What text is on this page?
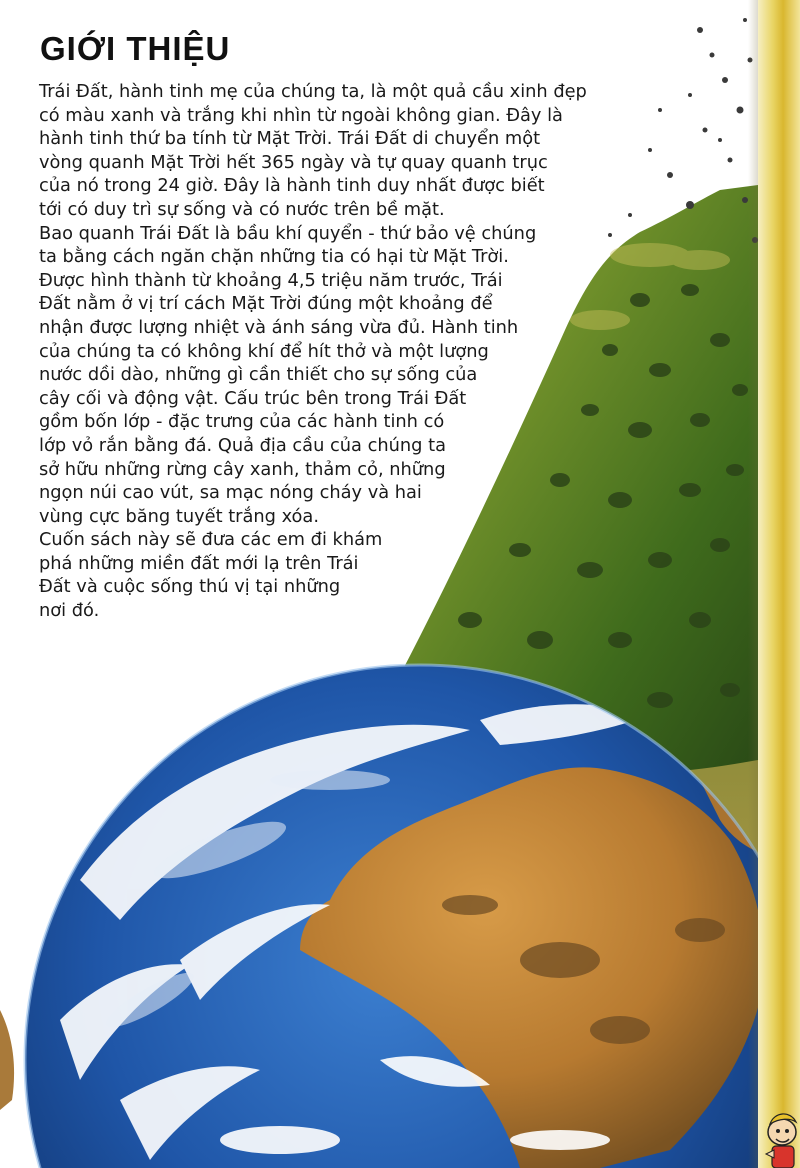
GIỚI THIỆU
Trái Đất, hành tinh mẹ của chúng ta, là một quả cầu xinh đẹp
có màu xanh và trắng khi nhìn từ ngoài không gian. Đây là
hành tinh thứ ba tính từ Mặt Trời. Trái Đất di chuyển một
vòng quanh Mặt Trời hết 365 ngày và tự quay quanh trục
của nó trong 24 giờ. Đây là hành tinh duy nhất được biết
tới có duy trì sự sống và có nước trên bề mặt.
Bao quanh Trái Đất là bầu khí quyển - thứ bảo vệ chúng
ta bằng cách ngăn chặn những tia có hại từ Mặt Trời.
Được hình thành từ khoảng 4,5 triệu năm trước, Trái
Đất nằm ở vị trí cách Mặt Trời đúng một khoảng để
nhận được lượng nhiệt và ánh sáng vừa đủ. Hành tinh
của chúng ta có không khí để hít thở và một lượng
nước dồi dào, những gì cần thiết cho sự sống của
cây cối và động vật. Cấu trúc bên trong Trái Đất
gồm bốn lớp - đặc trưng của các hành tinh có
lớp vỏ rắn bằng đá. Quả địa cầu của chúng ta
sở hữu những rừng cây xanh, thảm cỏ, những
ngọn núi cao vút, sa mạc nóng cháy và hai
vùng cực băng tuyết trắng xóa.
Cuốn sách này sẽ đưa các em đi khám
phá những miền đất mới lạ trên Trái
Đất và cuộc sống thú vị tại những
nơi đó.
